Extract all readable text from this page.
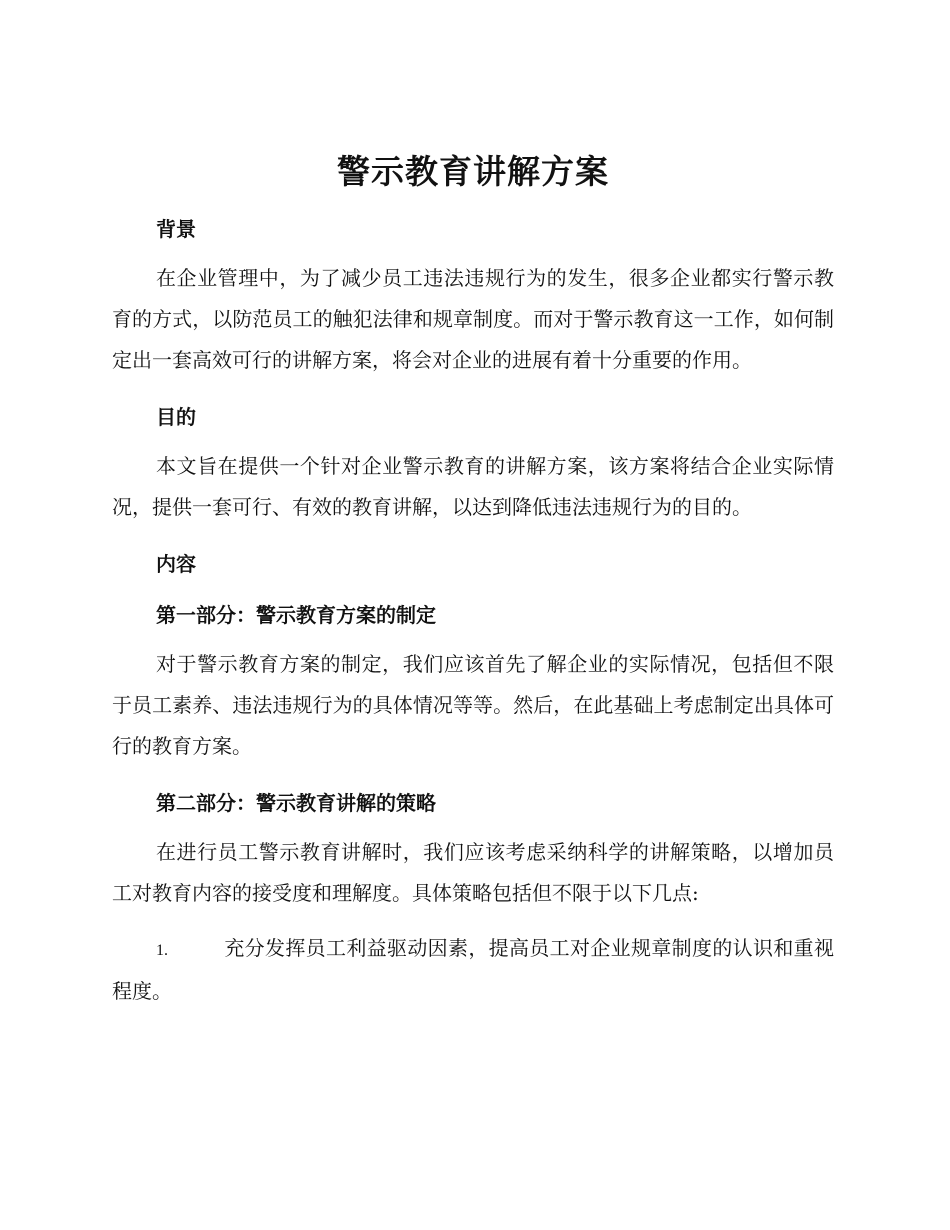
警示教育讲解方案
背景

在企业管理中，为了减少员工违法违规行为的发生，很多企业都实行警示教育的方式，以防范员工的触犯法律和规章制度。而对于警示教育这一工作，如何制定出一套高效可行的讲解方案，将会对企业的进展有着十分重要的作用。

目的

本文旨在提供一个针对企业警示教育的讲解方案，该方案将结合企业实际情况，提供一套可行、有效的教育讲解，以达到降低违法违规行为的目的。

内容
第一部分：警示教育方案的制定

对于警示教育方案的制定，我们应该首先了解企业的实际情况，包括但不限于员工素养、违法违规行为的具体情况等等。然后，在此基础上考虑制定出具体可行的教育方案。

第二部分：警示教育讲解的策略

在进行员工警示教育讲解时，我们应该考虑采纳科学的讲解策略，以增加员工对教育内容的接受度和理解度。具体策略包括但不限于以下几点:

1.	充分发挥员工利益驱动因素，提高员工对企业规章制度的认识和重视程度。
